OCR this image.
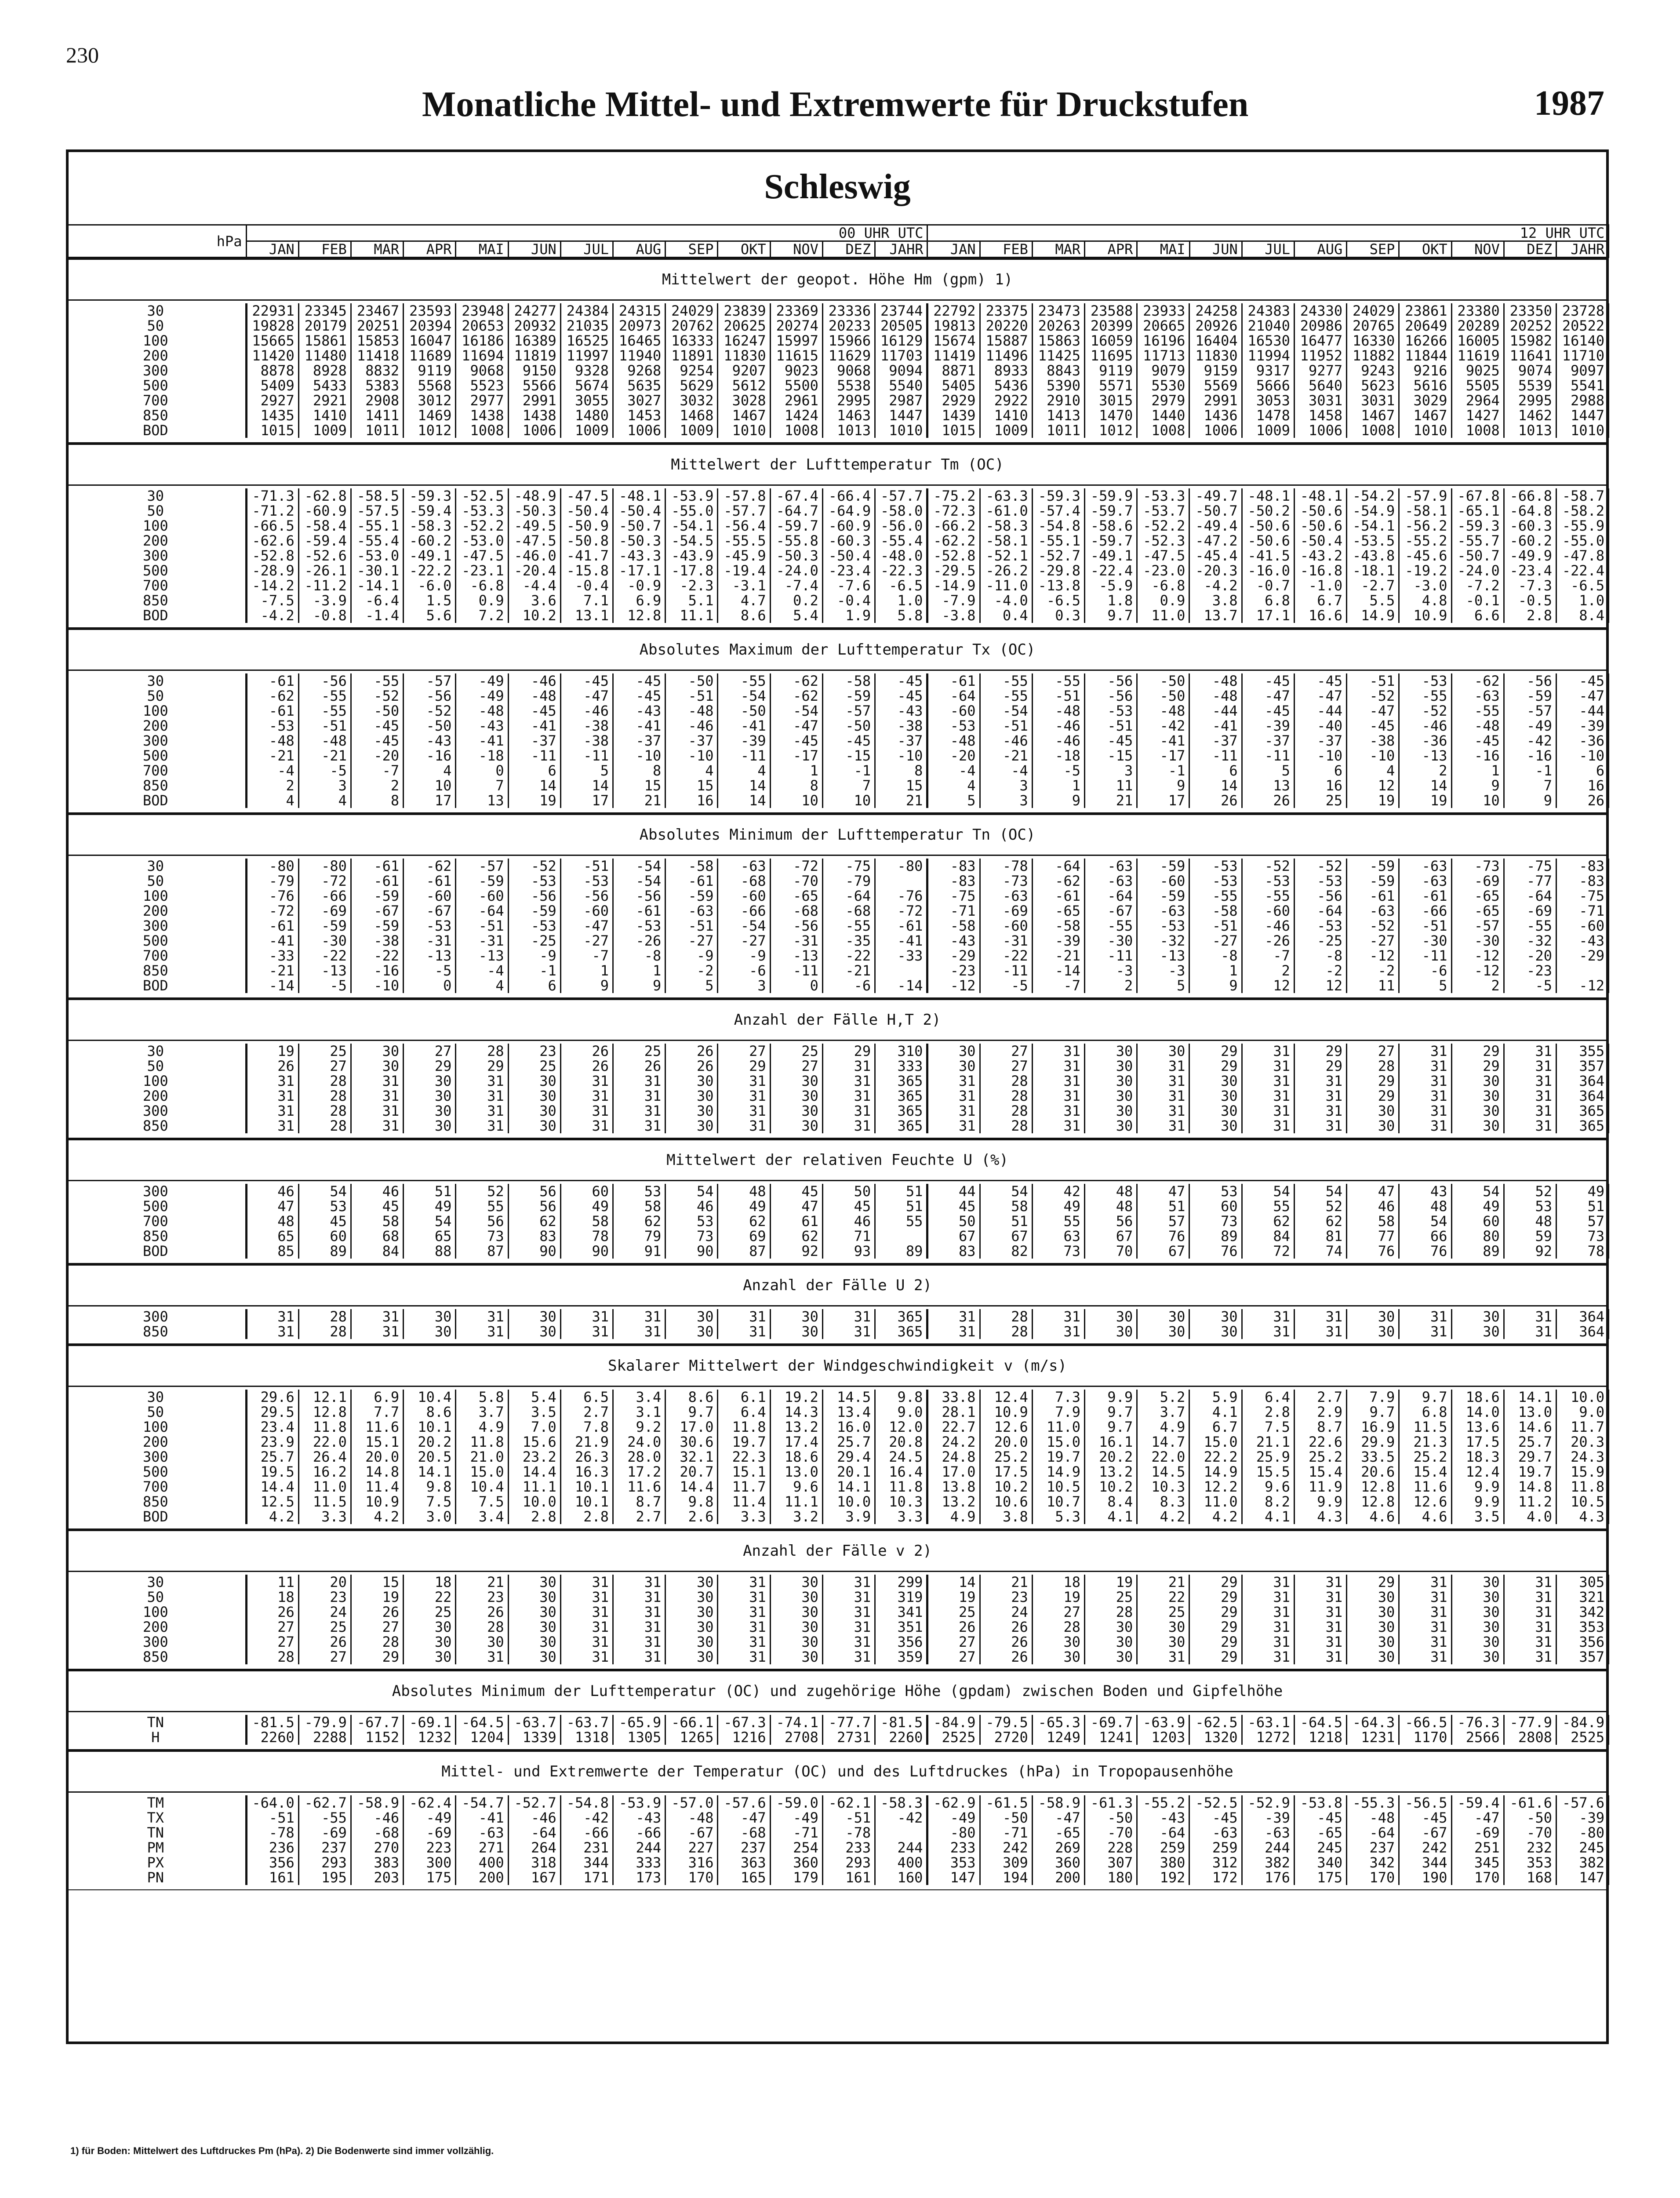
230
Monatliche Mittel- und Extremwerte für Druckstufen	1987
Schleswig
hPa	00 UHR UTC													12 UHR UTC												
	JAN	FEB	MAR	APR	MAI	JUN	JUL	AUG	SEP	OKT	NOV	DEZ	JAHR	JAN	FEB	MAR	APR	MAI	JUN	JUL	AUG	SEP	OKT	NOV	DEZ	JAHR
Mittelwert der geopot. Höhe Hm (gpm) 1)
30	22931	23345	23467	23593	23948	24277	24384	24315	24029	23839	23369	23336	23744	22792	23375	23473	23588	23933	24258	24383	24330	24029	23861	23380	23350	23728
50	19828	20179	20251	20394	20653	20932	21035	20973	20762	20625	20274	20233	20505	19813	20220	20263	20399	20665	20926	21040	20986	20765	20649	20289	20252	20522
100	15665	15861	15853	16047	16186	16389	16525	16465	16333	16247	15997	15966	16129	15674	15887	15863	16059	16196	16404	16530	16477	16330	16266	16005	15982	16140
200	11420	11480	11418	11689	11694	11819	11997	11940	11891	11830	11615	11629	11703	11419	11496	11425	11695	11713	11830	11994	11952	11882	11844	11619	11641	11710
300	8878	8928	8832	9119	9068	9150	9328	9268	9254	9207	9023	9068	9094	8871	8933	8843	9119	9079	9159	9317	9277	9243	9216	9025	9074	9097
500	5409	5433	5383	5568	5523	5566	5674	5635	5629	5612	5500	5538	5540	5405	5436	5390	5571	5530	5569	5666	5640	5623	5616	5505	5539	5541
700	2927	2921	2908	3012	2977	2991	3055	3027	3032	3028	2961	2995	2987	2929	2922	2910	3015	2979	2991	3053	3031	3031	3029	2964	2995	2988
850	1435	1410	1411	1469	1438	1438	1480	1453	1468	1467	1424	1463	1447	1439	1410	1413	1470	1440	1436	1478	1458	1467	1467	1427	1462	1447
BOD	1015	1009	1011	1012	1008	1006	1009	1006	1009	1010	1008	1013	1010	1015	1009	1011	1012	1008	1006	1009	1006	1008	1010	1008	1013	1010
Mittelwert der Lufttemperatur Tm (OC)
30	-71.3	-62.8	-58.5	-59.3	-52.5	-48.9	-47.5	-48.1	-53.9	-57.8	-67.4	-66.4	-57.7	-75.2	-63.3	-59.3	-59.9	-53.3	-49.7	-48.1	-48.1	-54.2	-57.9	-67.8	-66.8	-58.7
50	-71.2	-60.9	-57.5	-59.4	-53.3	-50.3	-50.4	-50.4	-55.0	-57.7	-64.7	-64.9	-58.0	-72.3	-61.0	-57.4	-59.7	-53.7	-50.7	-50.2	-50.6	-54.9	-58.1	-65.1	-64.8	-58.2
100	-66.5	-58.4	-55.1	-58.3	-52.2	-49.5	-50.9	-50.7	-54.1	-56.4	-59.7	-60.9	-56.0	-66.2	-58.3	-54.8	-58.6	-52.2	-49.4	-50.6	-50.6	-54.1	-56.2	-59.3	-60.3	-55.9
200	-62.6	-59.4	-55.4	-60.2	-53.0	-47.5	-50.8	-50.3	-54.5	-55.5	-55.8	-60.3	-55.4	-62.2	-58.1	-55.1	-59.7	-52.3	-47.2	-50.6	-50.4	-53.5	-55.2	-55.7	-60.2	-55.0
300	-52.8	-52.6	-53.0	-49.1	-47.5	-46.0	-41.7	-43.3	-43.9	-45.9	-50.3	-50.4	-48.0	-52.8	-52.1	-52.7	-49.1	-47.5	-45.4	-41.5	-43.2	-43.8	-45.6	-50.7	-49.9	-47.8
500	-28.9	-26.1	-30.1	-22.2	-23.1	-20.4	-15.8	-17.1	-17.8	-19.4	-24.0	-23.4	-22.3	-29.5	-26.2	-29.8	-22.4	-23.0	-20.3	-16.0	-16.8	-18.1	-19.2	-24.0	-23.4	-22.4
700	-14.2	-11.2	-14.1	-6.0	-6.8	-4.4	-0.4	-0.9	-2.3	-3.1	-7.4	-7.6	-6.5	-14.9	-11.0	-13.8	-5.9	-6.8	-4.2	-0.7	-1.0	-2.7	-3.0	-7.2	-7.3	-6.5
850	-7.5	-3.9	-6.4	1.5	0.9	3.6	7.1	6.9	5.1	4.7	0.2	-0.4	1.0	-7.9	-4.0	-6.5	1.8	0.9	3.8	6.8	6.7	5.5	4.8	-0.1	-0.5	1.0
BOD	-4.2	-0.8	-1.4	5.6	7.2	10.2	13.1	12.8	11.1	8.6	5.4	1.9	5.8	-3.8	0.4	0.3	9.7	11.0	13.7	17.1	16.6	14.9	10.9	6.6	2.8	8.4
Absolutes Maximum der Lufttemperatur Tx (OC)
30	-61	-56	-55	-57	-49	-46	-45	-45	-50	-55	-62	-58	-45	-61	-55	-55	-56	-50	-48	-45	-45	-51	-53	-62	-56	-45
50	-62	-55	-52	-56	-49	-48	-47	-45	-51	-54	-62	-59	-45	-64	-55	-51	-56	-50	-48	-47	-47	-52	-55	-63	-59	-47
100	-61	-55	-50	-52	-48	-45	-46	-43	-48	-50	-54	-57	-43	-60	-54	-48	-53	-48	-44	-45	-44	-47	-52	-55	-57	-44
200	-53	-51	-45	-50	-43	-41	-38	-41	-46	-41	-47	-50	-38	-53	-51	-46	-51	-42	-41	-39	-40	-45	-46	-48	-49	-39
300	-48	-48	-45	-43	-41	-37	-38	-37	-37	-39	-45	-45	-37	-48	-46	-46	-45	-41	-37	-37	-37	-38	-36	-45	-42	-36
500	-21	-21	-20	-16	-18	-11	-11	-10	-10	-11	-17	-15	-10	-20	-21	-18	-15	-17	-11	-11	-10	-10	-13	-16	-16	-10
700	-4	-5	-7	4	0	6	5	8	4	4	1	-1	8	-4	-4	-5	3	-1	6	5	6	4	2	1	-1	6
850	2	3	2	10	7	14	14	15	15	14	8	7	15	4	3	1	11	9	14	13	16	12	14	9	7	16
BOD	4	4	8	17	13	19	17	21	16	14	10	10	21	5	3	9	21	17	26	26	25	19	19	10	9	26
Absolutes Minimum der Lufttemperatur Tn (OC)
30	-80	-80	-61	-62	-57	-52	-51	-54	-58	-63	-72	-75	-80	-83	-78	-64	-63	-59	-53	-52	-52	-59	-63	-73	-75	-83
50	-79	-72	-61	-61	-59	-53	-53	-54	-61	-68	-70	-79		-83	-73	-62	-63	-60	-53	-53	-53	-59	-63	-69	-77	-83
100	-76	-66	-59	-60	-60	-56	-56	-56	-59	-60	-65	-64	-76	-75	-63	-61	-64	-59	-55	-55	-56	-61	-61	-65	-64	-75
200	-72	-69	-67	-67	-64	-59	-60	-61	-63	-66	-68	-68	-72	-71	-69	-65	-67	-63	-58	-60	-64	-63	-66	-65	-69	-71
300	-61	-59	-59	-53	-51	-53	-47	-53	-51	-54	-56	-55	-61	-58	-60	-58	-55	-53	-51	-46	-53	-52	-51	-57	-55	-60
500	-41	-30	-38	-31	-31	-25	-27	-26	-27	-27	-31	-35	-41	-43	-31	-39	-30	-32	-27	-26	-25	-27	-30	-30	-32	-43
700	-33	-22	-22	-13	-13	-9	-7	-8	-9	-9	-13	-22	-33	-29	-22	-21	-11	-13	-8	-7	-8	-12	-11	-12	-20	-29
850	-21	-13	-16	-5	-4	-1	1	1	-2	-6	-11	-21		-23	-11	-14	-3	-3	1	2	-2	-2	-6	-12	-23	
BOD	-14	-5	-10	0	4	6	9	9	5	3	0	-6	-14	-12	-5	-7	2	5	9	12	12	11	5	2	-5	-12
Anzahl der Fälle H,T 2)
30	19	25	30	27	28	23	26	25	26	27	25	29	310	30	27	31	30	30	29	31	29	27	31	29	31	355
50	26	27	30	29	29	25	26	26	26	29	27	31	333	30	27	31	30	31	29	31	29	28	31	29	31	357
100	31	28	31	30	31	30	31	31	30	31	30	31	365	31	28	31	30	31	30	31	31	29	31	30	31	364
200	31	28	31	30	31	30	31	31	30	31	30	31	365	31	28	31	30	31	30	31	31	29	31	30	31	364
300	31	28	31	30	31	30	31	31	30	31	30	31	365	31	28	31	30	31	30	31	31	30	31	30	31	365
850	31	28	31	30	31	30	31	31	30	31	30	31	365	31	28	31	30	31	30	31	31	30	31	30	31	365
Mittelwert der relativen Feuchte U (%)
300	46	54	46	51	52	56	60	53	54	48	45	50	51	44	54	42	48	47	53	54	54	47	43	54	52	49
500	47	53	45	49	55	56	49	58	46	49	47	45	51	45	58	49	48	51	60	55	52	46	48	49	53	51
700	48	45	58	54	56	62	58	62	53	62	61	46	55	50	51	55	56	57	73	62	62	58	54	60	48	57
850	65	60	68	65	73	83	78	79	73	69	62	71		67	67	63	67	76	89	84	81	77	66	80	59	73
BOD	85	89	84	88	87	90	90	91	90	87	92	93	89	83	82	73	70	67	76	72	74	76	76	89	92	78
Anzahl der Fälle U 2)
300	31	28	31	30	31	30	31	31	30	31	30	31	365	31	28	31	30	30	30	31	31	30	31	30	31	364
850	31	28	31	30	31	30	31	31	30	31	30	31	365	31	28	31	30	30	30	31	31	30	31	30	31	364
Skalarer Mittelwert der Windgeschwindigkeit v (m/s)
30	29.6	12.1	6.9	10.4	5.8	5.4	6.5	3.4	8.6	6.1	19.2	14.5	9.8	33.8	12.4	7.3	9.9	5.2	5.9	6.4	2.7	7.9	9.7	18.6	14.1	10.0
50	29.5	12.8	7.7	8.6	3.7	3.5	2.7	3.1	9.7	6.4	14.3	13.4	9.0	28.1	10.9	7.9	9.7	3.7	4.1	2.8	2.9	9.7	6.8	14.0	13.0	9.0
100	23.4	11.8	11.6	10.1	4.9	7.0	7.8	9.2	17.0	11.8	13.2	16.0	12.0	22.7	12.6	11.0	9.7	4.9	6.7	7.5	8.7	16.9	11.5	13.6	14.6	11.7
200	23.9	22.0	15.1	20.2	11.8	15.6	21.9	24.0	30.6	19.7	17.4	25.7	20.8	24.2	20.0	15.0	16.1	14.7	15.0	21.1	22.6	29.9	21.3	17.5	25.7	20.3
300	25.7	26.4	20.0	20.5	21.0	23.2	26.3	28.0	32.1	22.3	18.6	29.4	24.5	24.8	25.2	19.7	20.2	22.0	22.2	25.9	25.2	33.5	25.2	18.3	29.7	24.3
500	19.5	16.2	14.8	14.1	15.0	14.4	16.3	17.2	20.7	15.1	13.0	20.1	16.4	17.0	17.5	14.9	13.2	14.5	14.9	15.5	15.4	20.6	15.4	12.4	19.7	15.9
700	14.4	11.0	11.4	9.8	10.4	11.1	10.1	11.6	14.4	11.7	9.6	14.1	11.8	13.8	10.2	10.5	10.2	10.3	12.2	9.6	11.9	12.8	11.6	9.9	14.8	11.8
850	12.5	11.5	10.9	7.5	7.5	10.0	10.1	8.7	9.8	11.4	11.1	10.0	10.3	13.2	10.6	10.7	8.4	8.3	11.0	8.2	9.9	12.8	12.6	9.9	11.2	10.5
BOD	4.2	3.3	4.2	3.0	3.4	2.8	2.8	2.7	2.6	3.3	3.2	3.9	3.3	4.9	3.8	5.3	4.1	4.2	4.2	4.1	4.3	4.6	4.6	3.5	4.0	4.3
Anzahl der Fälle v 2)
30	11	20	15	18	21	30	31	31	30	31	30	31	299	14	21	18	19	21	29	31	31	29	31	30	31	305
50	18	23	19	22	23	30	31	31	30	31	30	31	319	19	23	19	25	22	29	31	31	30	31	30	31	321
100	26	24	26	25	26	30	31	31	30	31	30	31	341	25	24	27	28	25	29	31	31	30	31	30	31	342
200	27	25	27	30	28	30	31	31	30	31	30	31	351	26	26	28	30	30	29	31	31	30	31	30	31	353
300	27	26	28	30	30	30	31	31	30	31	30	31	356	27	26	30	30	30	29	31	31	30	31	30	31	356
850	28	27	29	30	31	30	31	31	30	31	30	31	359	27	26	30	30	31	29	31	31	30	31	30	31	357
Absolutes Minimum der Lufttemperatur (OC) und zugehörige Höhe (gpdam) zwischen Boden und Gipfelhöhe
TN	-81.5	-79.9	-67.7	-69.1	-64.5	-63.7	-63.7	-65.9	-66.1	-67.3	-74.1	-77.7	-81.5	-84.9	-79.5	-65.3	-69.7	-63.9	-62.5	-63.1	-64.5	-64.3	-66.5	-76.3	-77.9	-84.9
H	2260	2288	1152	1232	1204	1339	1318	1305	1265	1216	2708	2731	2260	2525	2720	1249	1241	1203	1320	1272	1218	1231	1170	2566	2808	2525
Mittel- und Extremwerte der Temperatur (OC) und des Luftdruckes (hPa) in Tropopausenhöhe
TM	-64.0	-62.7	-58.9	-62.4	-54.7	-52.7	-54.8	-53.9	-57.0	-57.6	-59.0	-62.1	-58.3	-62.9	-61.5	-58.9	-61.3	-55.2	-52.5	-52.9	-53.8	-55.3	-56.5	-59.4	-61.6	-57.6
TX	-51	-55	-46	-49	-41	-46	-42	-43	-48	-47	-49	-51	-42	-49	-50	-47	-50	-43	-45	-39	-45	-48	-45	-47	-50	-39
TN	-78	-69	-68	-69	-63	-64	-66	-66	-67	-68	-71	-78		-80	-71	-65	-70	-64	-63	-63	-65	-64	-67	-69	-70	-80
PM	236	237	270	223	271	264	231	244	227	237	254	233	244	233	242	269	228	259	259	244	245	237	242	251	232	245
PX	356	293	383	300	400	318	344	333	316	363	360	293	400	353	309	360	307	380	312	382	340	342	344	345	353	382
PN	161	195	203	175	200	167	171	173	170	165	179	161	160	147	194	200	180	192	172	176	175	170	190	170	168	147
1) für Boden: Mittelwert des Luftdruckes Pm (hPa). 2) Die Bodenwerte sind immer vollzählig.
